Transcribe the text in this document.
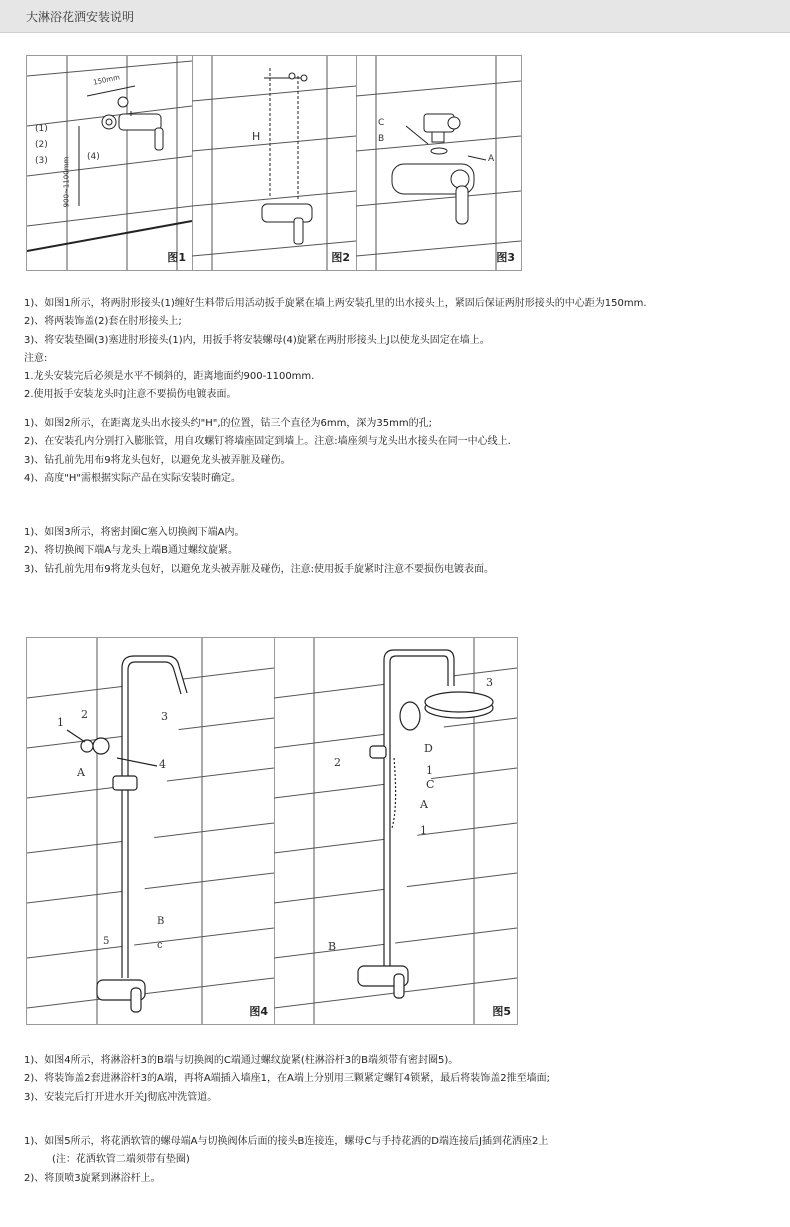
大淋浴花洒安装说明
150mm
900~1100mm
(1)
(2)
(3)	(4)
图1
H
图2
C
B
A
图3

1)、如图1所示，将两肘形接头(1)缠好生料带后用活动扳手旋紧在墙上两安装孔里的出水接头上，紧固后保证两肘形接头的中心距为150mm.

2)、将两装饰盖(2)套在肘形接头上;

3)、将安装垫圈(3)塞进肘形接头(1)内，用扳手将安装螺母(4)旋紧在两肘形接头上J以使龙头固定在墙上。

注意:

1.龙头安装完后必须是水平不倾斜的，距离地面约900-1100mm.

2.使用扳手安装龙头时J注意不要损伤电镀表面。

1)、如图2所示，在距离龙头出水接头约"H",的位置，钻三个直径为6mm，深为35mm的孔;

2)、在安装孔内分别打入膨胀管，用自攻螺钉将墙座固定到墙上。注意:墙座须与龙头出水接头在同一中心线上.

3)、钻孔前先用布9将龙头包好，以避免龙头被弄脏及碰伤。

4)、高度"H"需根据实际产品在实际安装时确定。

1)、如图3所示，将密封圈C塞入切换阀下端A内。

2)、将切换阀下端A与龙头上端B通过螺纹旋紧。

3)、钻孔前先用布9将龙头包好，以避免龙头被弄脏及碰伤，注意:使用扳手旋紧时注意不要损伤电镀表面。

1
2	3
A
4
B
5	c
图4
3
2
D
1
C
A
1
B
图5

1)、如图4所示，将淋浴杆3的B端与切换阀的C端通过螺纹旋紧(柱淋浴杆3的B端须带有密封圈5)。

2)、将装饰盖2套进淋浴杆3的A端，再将A端插入墙座1，在A端上分别用三颗紧定螺钉4锁紧，最后将装饰盖2推至墙面;

3)、安装完后打开进水开关J彻底冲洗管道。

1)、如图5所示，将花洒软管的螺母端A与切换阀体后面的接头B连接连，螺母C与手持花洒的D端连接后J插到花洒座2上

(注：花洒软管二端须带有垫圈)

2)、将顶喷3旋紧到淋浴杆上。
